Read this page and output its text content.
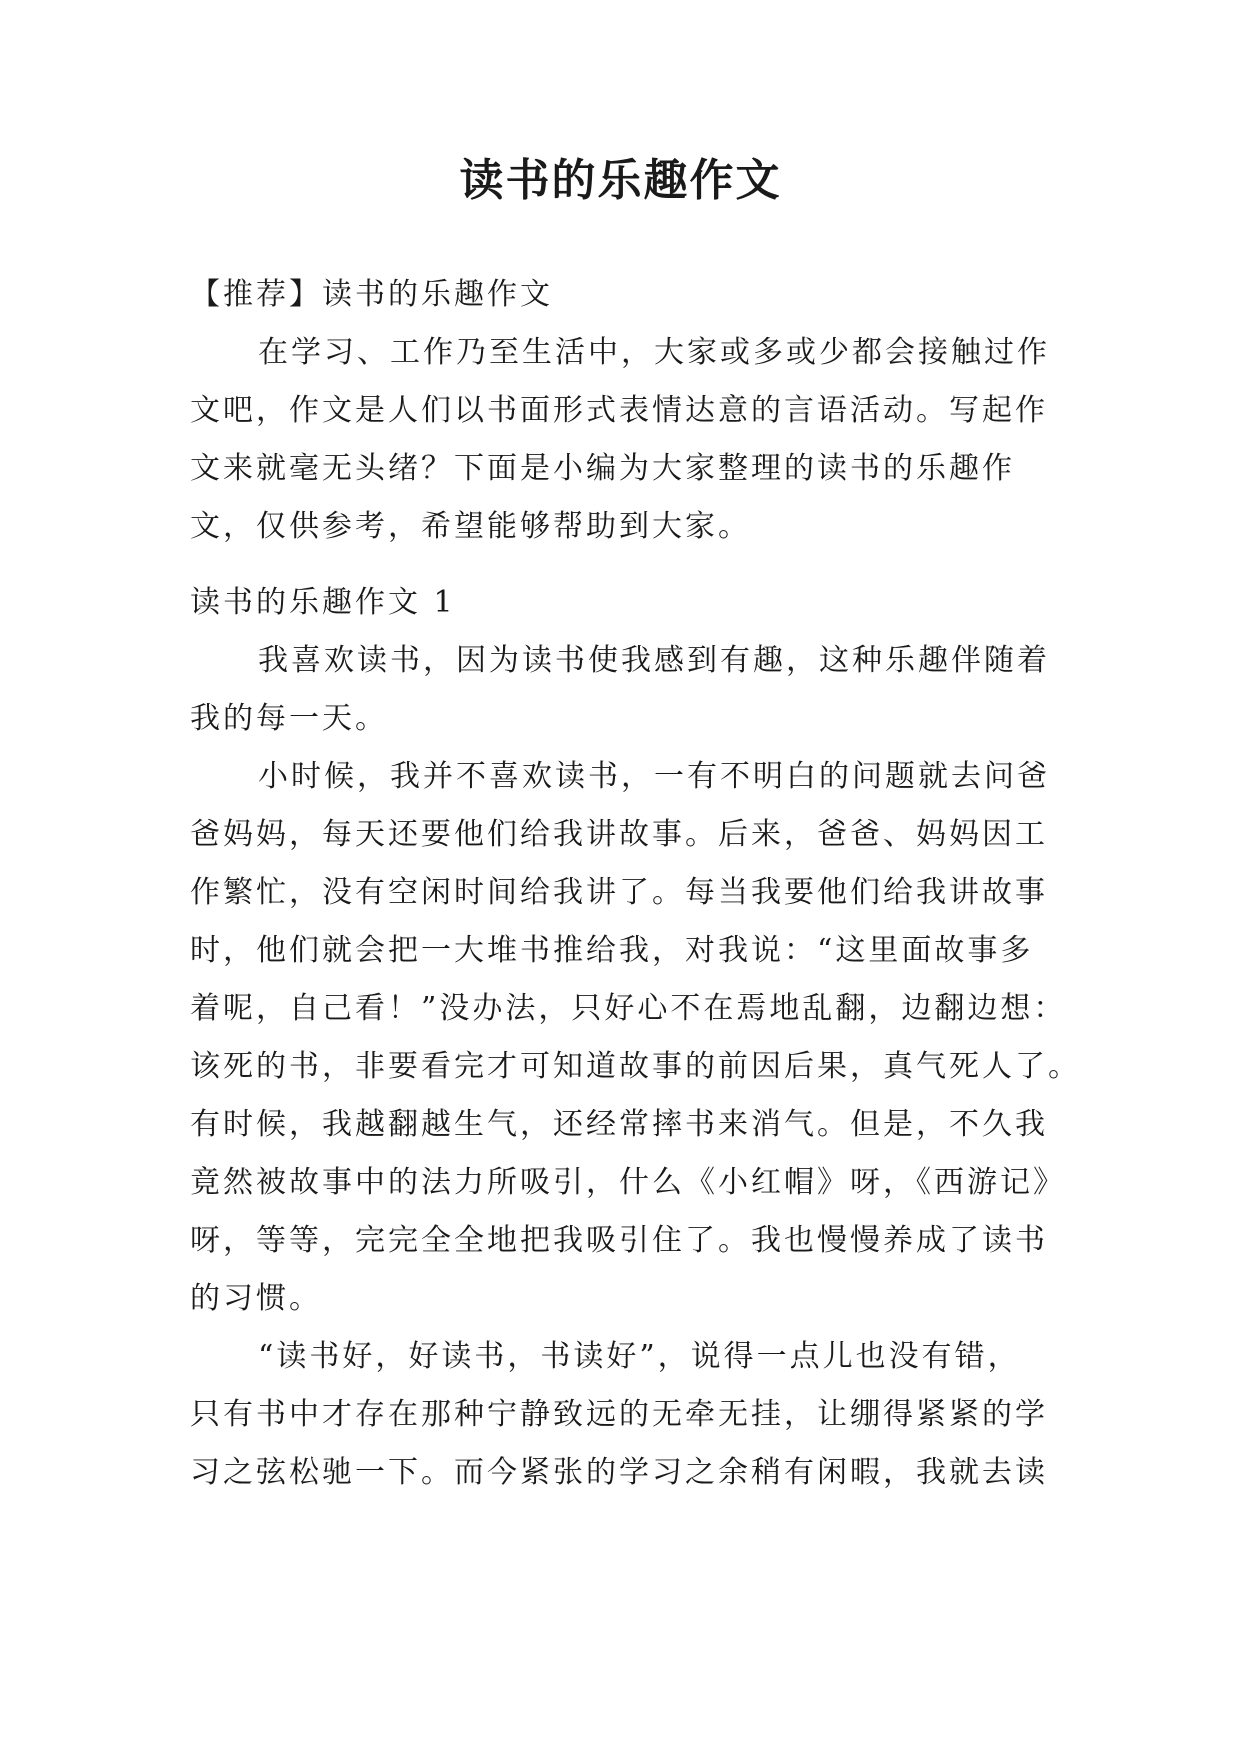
读书的乐趣作文

【推荐】读书的乐趣作文

在学习、工作乃至生活中，大家或多或少都会接触过作

文吧，作文是人们以书面形式表情达意的言语活动。写起作

文来就毫无头绪？下面是小编为大家整理的读书的乐趣作

文，仅供参考，希望能够帮助到大家。

读书的乐趣作文 1

我喜欢读书，因为读书使我感到有趣，这种乐趣伴随着

我的每一天。

小时候，我并不喜欢读书，一有不明白的问题就去问爸

爸妈妈，每天还要他们给我讲故事。后来，爸爸、妈妈因工

作繁忙，没有空闲时间给我讲了。每当我要他们给我讲故事

时，他们就会把一大堆书推给我，对我说：“这里面故事多

着呢，自己看！”没办法，只好心不在焉地乱翻，边翻边想：

该死的书，非要看完才可知道故事的前因后果，真气死人了。

有时候，我越翻越生气，还经常摔书来消气。但是，不久我

竟然被故事中的法力所吸引，什么《小红帽》呀，《西游记》

呀，等等，完完全全地把我吸引住了。我也慢慢养成了读书

的习惯。

“读书好，好读书，书读好”，说得一点儿也没有错，

只有书中才存在那种宁静致远的无牵无挂，让绷得紧紧的学

习之弦松驰一下。而今紧张的学习之余稍有闲暇，我就去读
